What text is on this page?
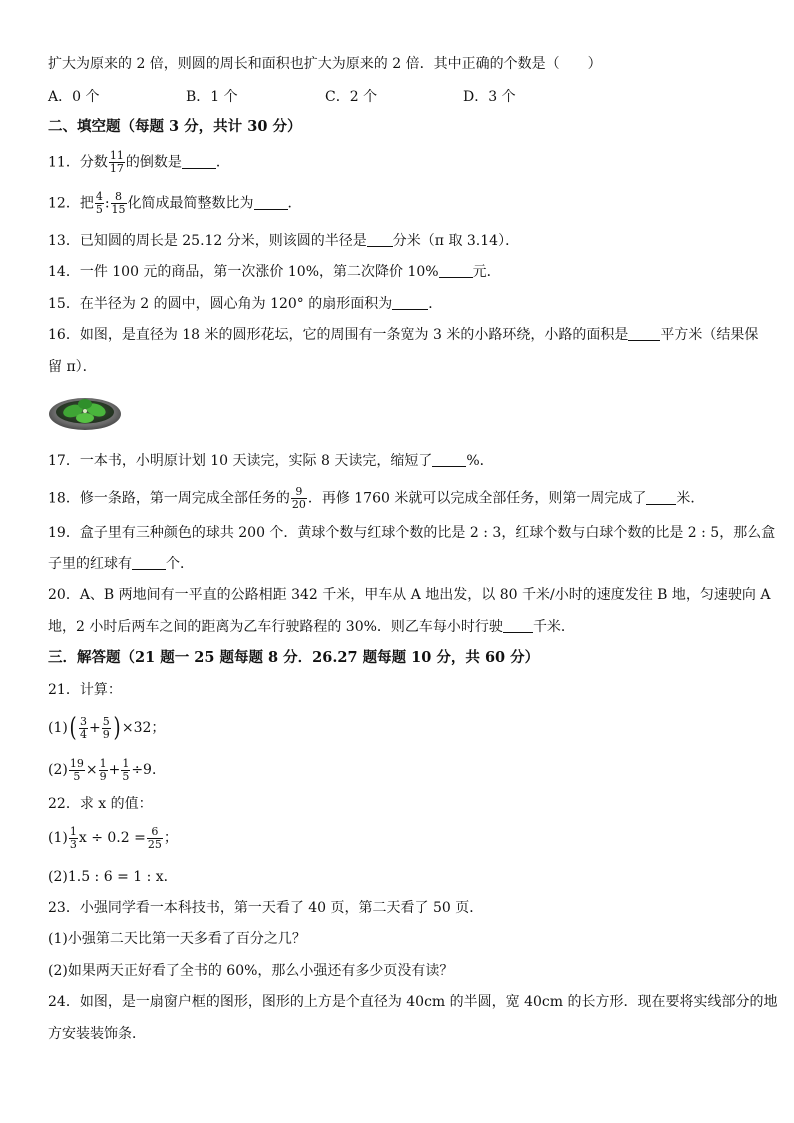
扩大为原来的 2 倍，则圆的周长和面积也扩大为原来的 2 倍．其中正确的个数是（　　）
A．0 个	B．1 个	C．2 个	D．3 个
二、填空题（每题 3 分，共计 30 分）
11．分数 $\frac{11}{17}$ 的倒数是 ．
12．把 $\frac{4}{5}$ : $\frac{8}{15}$ 化简成最简整数比为 ．
13．已知圆的周长是 25.12 分米，则该圆的半径是 分米（π 取 3.14）．
14．一件 100 元的商品，第一次涨价 10%，第二次降价 10% 元．
15．在半径为 2 的圆中，圆心角为 120° 的扇形面积为	．
16．如图，是直径为 18 米的圆形花坛，它的周围有一条宽为 3 米的小路环绕，小路的面积是 平方米（结果保
留 π）．
17．一本书，小明原计划 10 天读完，实际 8 天读完，缩短了 %．
18．修一条路，第一周完成全部任务的 $\frac{9}{20}$ ．再修 1760 米就可以完成全部任务，则第一周完成了 米．
19．盒子里有三种颜色的球共 200 个．黄球个数与红球个数的比是 2 : 3，红球个数与白球个数的比是 2 : 5，那么盒
子里的红球有 个．
20．A、B 两地间有一平直的公路相距 342 千米，甲车从 A 地出发，以 80 千米/小时的速度发往 B 地，匀速驶向 A
地，2 小时后两车之间的距离为乙车行驶路程的 30%．则乙车每小时行驶 千米．
三．解答题（21 题一 25 题每题 8 分．26.27 题每题 10 分，共 60 分）
21．计算：
$(1)( \frac{3}{4} + \frac{5}{9}$ ) ×32；
$(2) \frac{19}{5} \times \frac{1}{9} + \frac{1}{5} \div 9$．
22．求 x 的值：
$(1) \frac{1}{3}$ $x \div 0.2 = \frac{6}{25}$ ；
(2)1.5 : 6 = 1 : x．
23．小强同学看一本科技书，第一天看了 40 页，第二天看了 50 页．
(1)小强第二天比第一天多看了百分之几？
(2)如果两天正好看了全书的 60%，那么小强还有多少页没有读？
24．如图，是一扇窗户框的图形，图形的上方是个直径为 40cm 的半圆，宽 40cm 的长方形．现在要将实线部分的地
方安装装饰条．
